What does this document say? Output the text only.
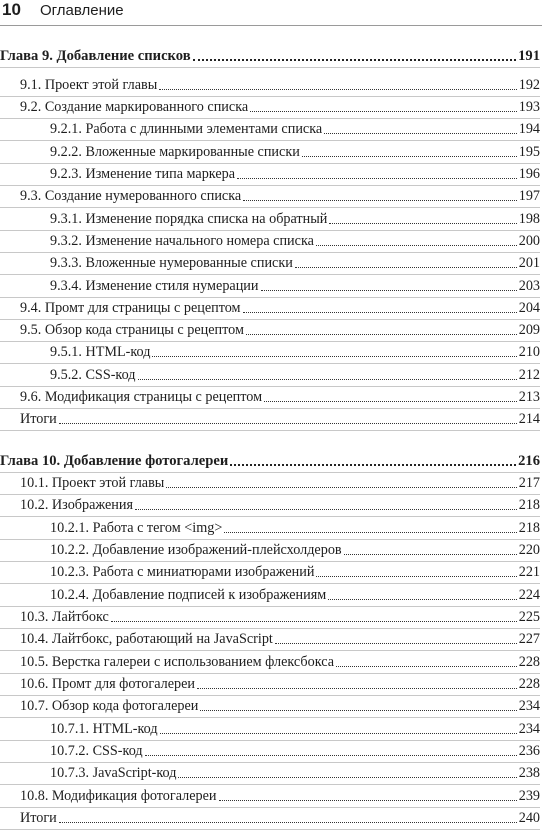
10 Оглавление
Глава 9. Добавление списков	191
9.1. Проект этой главы	192
9.2. Создание маркированного списка	193
9.2.1. Работа с длинными элементами списка	194
9.2.2. Вложенные маркированные списки	195
9.2.3. Изменение типа маркера	196
9.3. Создание нумерованного списка	197
9.3.1. Изменение порядка списка на обратный	198
9.3.2. Изменение начального номера списка	200
9.3.3. Вложенные нумерованные списки	201
9.3.4. Изменение стиля нумерации	203
9.4. Промт для страницы с рецептом	204
9.5. Обзор кода страницы с рецептом	209
9.5.1. HTML-код	210
9.5.2. CSS-код	212
9.6. Модификация страницы с рецептом	213
Итоги	214
Глава 10. Добавление фотогалереи	216
10.1. Проект этой главы	217
10.2. Изображения	218
10.2.1. Работа с тегом <img>	218
10.2.2. Добавление изображений-плейсхолдеров	220
10.2.3. Работа с миниатюрами изображений	221
10.2.4. Добавление подписей к изображениям	224
10.3. Лайтбокс	225
10.4. Лайтбокс, работающий на JavaScript	227
10.5. Верстка галереи с использованием флексбокса	228
10.6. Промт для фотогалереи	228
10.7. Обзор кода фотогалереи	234
10.7.1. HTML-код	234
10.7.2. CSS-код	236
10.7.3. JavaScript-код	238
10.8. Модификация фотогалереи	239
Итоги	240
